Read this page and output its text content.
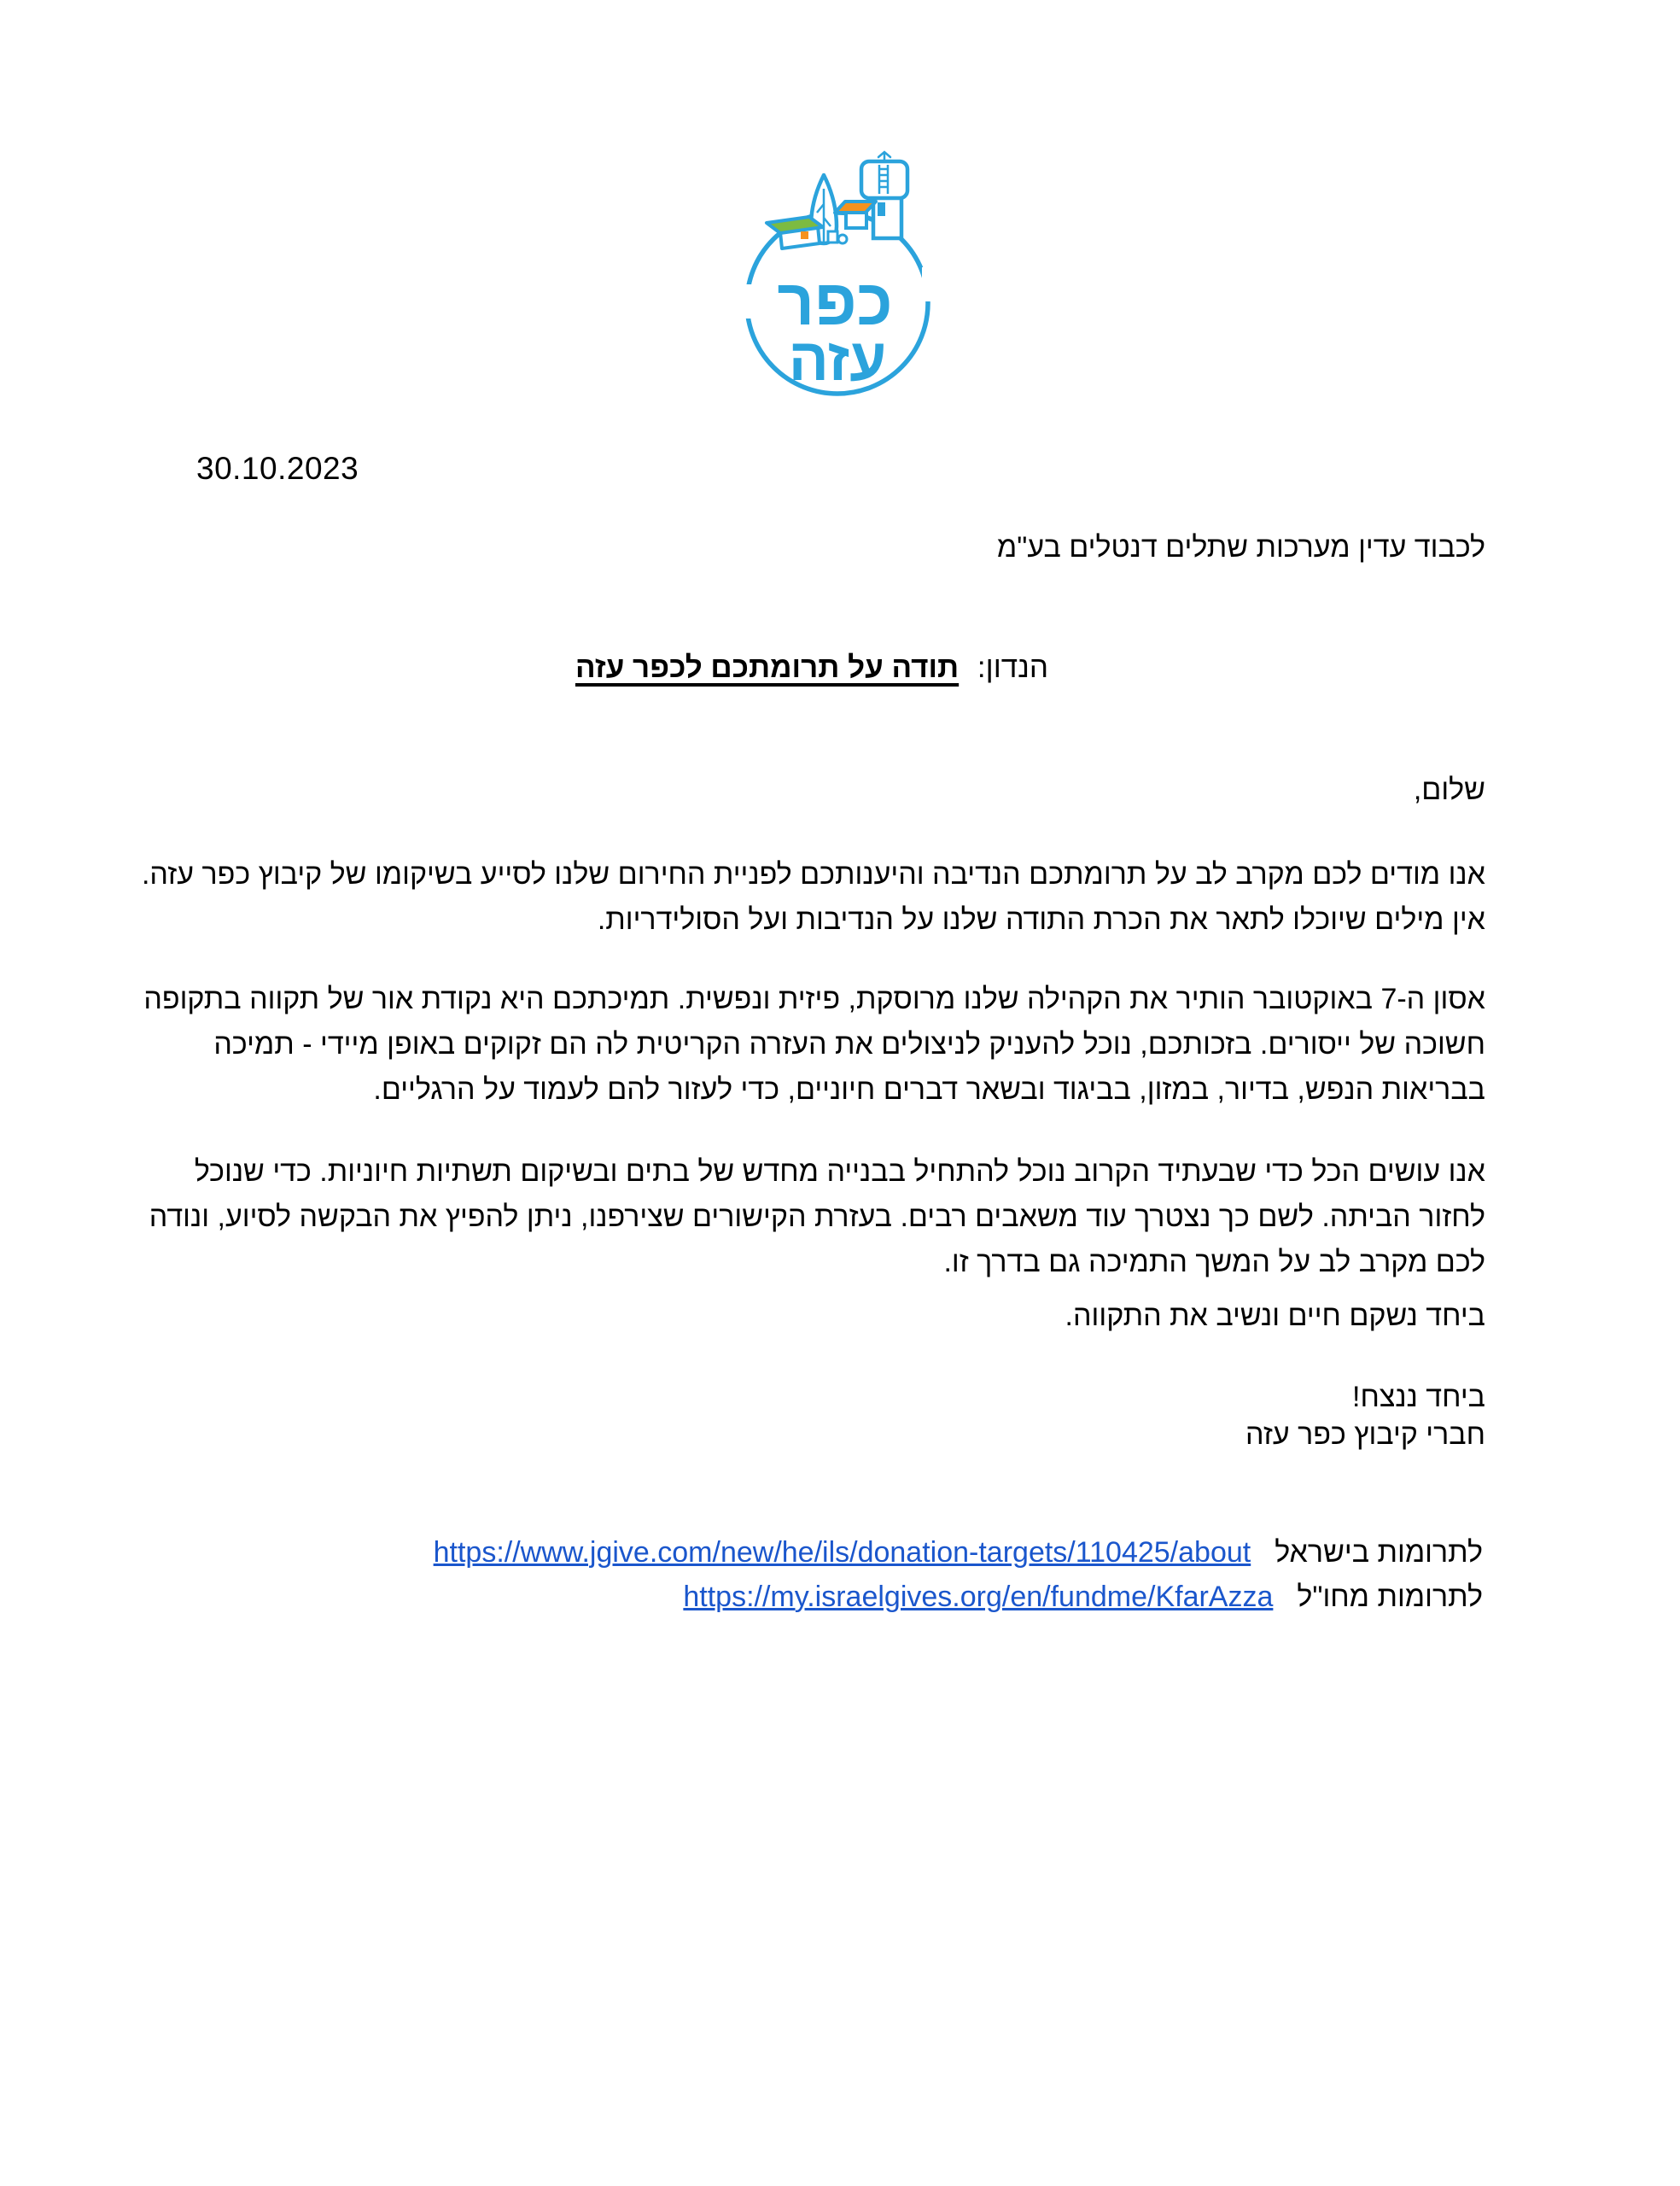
כפר
עזה
30.10.2023
לכבוד עדין מערכות שתלים דנטלים בע"מ
הנדון: תודה על תרומתכם לכפר עזה
שלום,
אנו מודים לכם מקרב לב על תרומתכם הנדיבה והיענותכם לפניית החירום שלנו לסייע בשיקומו של קיבוץ כפר עזה. אין מילים שיוכלו לתאר את הכרת התודה שלנו על הנדיבות ועל הסולידריות.
אסון ה-7 באוקטובר הותיר את הקהילה שלנו מרוסקת, פיזית ונפשית. תמיכתכם היא נקודת אור של תקווה בתקופה חשוכה של ייסורים. בזכותכם, נוכל להעניק לניצולים את העזרה הקריטית לה הם זקוקים באופן מיידי - תמיכה בבריאות הנפש, בדיור, במזון, בביגוד ובשאר דברים חיוניים, כדי לעזור להם לעמוד על הרגליים.
אנו עושים הכל כדי שבעתיד הקרוב נוכל להתחיל בבנייה מחדש של בתים ובשיקום תשתיות חיוניות. כדי שנוכל לחזור הביתה. לשם כך נצטרך עוד משאבים רבים. בעזרת הקישורים שצירפנו, ניתן להפיץ את הבקשה לסיוע, ונודה לכם מקרב לב על המשך התמיכה גם בדרך זו.
ביחד נשקם חיים ונשיב את התקווה.
ביחד ננצח!
חברי קיבוץ כפר עזה
לתרומות בישראלhttps://www.jgive.com/new/he/ils/donation-targets/110425/about
לתרומות מחו"לhttps://my.israelgives.org/en/fundme/KfarAzza
